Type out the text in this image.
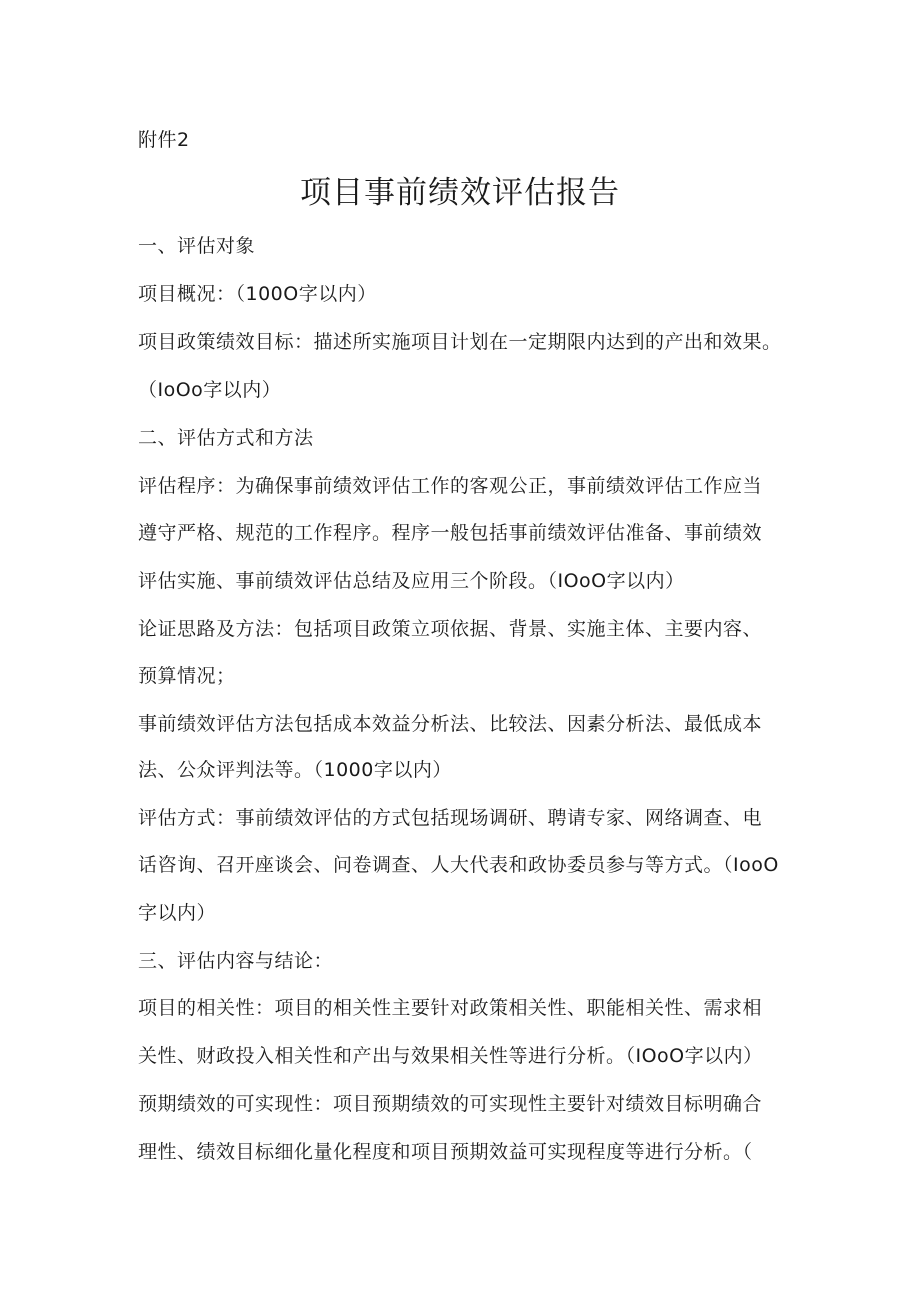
附件2

项目事前绩效评估报告

一、评估对象

项目概况：（100O字以内）

项目政策绩效目标：描述所实施项目计划在一定期限内达到的产出和效果。

（IoOo字以内）

二、评估方式和方法

评估程序：为确保事前绩效评估工作的客观公正，事前绩效评估工作应当

遵守严格、规范的工作程序。程序一般包括事前绩效评估准备、事前绩效

评估实施、事前绩效评估总结及应用三个阶段。（IOoO字以内）

论证思路及方法：包括项目政策立项依据、背景、实施主体、主要内容、

预算情况；

事前绩效评估方法包括成本效益分析法、比较法、因素分析法、最低成本

法、公众评判法等。（1000字以内）

评估方式：事前绩效评估的方式包括现场调研、聘请专家、网络调查、电

话咨询、召开座谈会、问卷调查、人大代表和政协委员参与等方式。（IooO

字以内）

三、评估内容与结论：

项目的相关性：项目的相关性主要针对政策相关性、职能相关性、需求相

关性、财政投入相关性和产出与效果相关性等进行分析。（IOoO字以内）

预期绩效的可实现性：项目预期绩效的可实现性主要针对绩效目标明确合

理性、绩效目标细化量化程度和项目预期效益可实现程度等进行分析。（
